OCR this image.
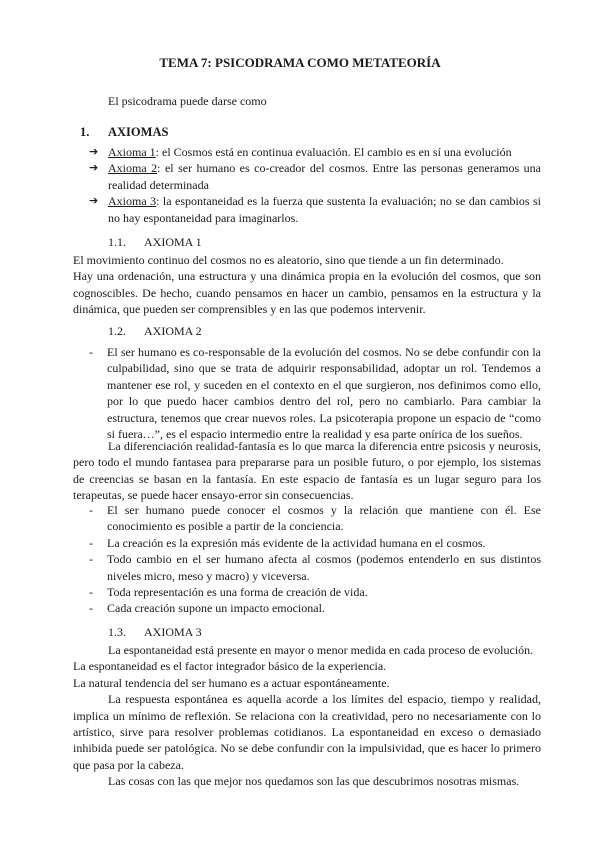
TEMA 7: PSICODRAMA COMO METATEORÍA
El psicodrama puede darse como
1. AXIOMAS
➔ Axioma 1: el Cosmos está en continua evaluación. El cambio es en sí una evolución
➔ Axioma 2: el ser humano es co-creador del cosmos. Entre las personas generamos una realidad determinada
➔ Axioma 3: la espontaneidad es la fuerza que sustenta la evaluación; no se dan cambios si no hay espontaneidad para imaginarlos.
1.1. AXIOMA 1

El movimiento continuo del cosmos no es aleatorio, sino que tiende a un fin determinado.

Hay una ordenación, una estructura y una dinámica propia en la evolución del cosmos, que son cognoscibles. De hecho, cuando pensamos en hacer un cambio, pensamos en la estructura y la dinámica, que pueden ser comprensibles y en las que podemos intervenir.

1.2. AXIOMA 2
- El ser humano es co-responsable de la evolución del cosmos. No se debe confundir con la culpabilidad, sino que se trata de adquirir responsabilidad, adoptar un rol. Tendemos a mantener ese rol, y suceden en el contexto en el que surgieron, nos definimos como ello, por lo que puedo hacer cambios dentro del rol, pero no cambiarlo. Para cambiar la estructura, tenemos que crear nuevos roles. La psicoterapia propone un espacio de “como si fuera…”, es el espacio intermedio entre la realidad y esa parte onírica de los sueños.

La diferenciación realidad-fantasía es lo que marca la diferencia entre psicosis y neurosis, pero todo el mundo fantasea para prepararse para un posible futuro, o por ejemplo, los sistemas de creencias se basan en la fantasía. En este espacio de fantasía es un lugar seguro para los terapeutas, se puede hacer ensayo-error sin consecuencias.

- El ser humano puede conocer el cosmos y la relación que mantiene con él. Ese conocimiento es posible a partir de la conciencia.
- La creación es la expresión más evidente de la actividad humana en el cosmos.
- Todo cambio en el ser humano afecta al cosmos (podemos entenderlo en sus distintos niveles micro, meso y macro) y viceversa.
- Toda representación es una forma de creación de vida.
- Cada creación supone un impacto emocional.
1.3. AXIOMA 3

La espontaneidad está presente en mayor o menor medida en cada proceso de evolución.

La espontaneidad es el factor integrador básico de la experiencia.

La natural tendencia del ser humano es a actuar espontáneamente.

La respuesta espontánea es aquella acorde a los límites del espacio, tiempo y realidad, implica un mínimo de reflexión. Se relaciona con la creatividad, pero no necesariamente con lo artístico, sirve para resolver problemas cotidianos. La espontaneidad en exceso o demasiado inhibida puede ser patológica. No se debe confundir con la impulsividad, que es hacer lo primero que pasa por la cabeza.

Las cosas con las que mejor nos quedamos son las que descubrimos nosotras mismas.
